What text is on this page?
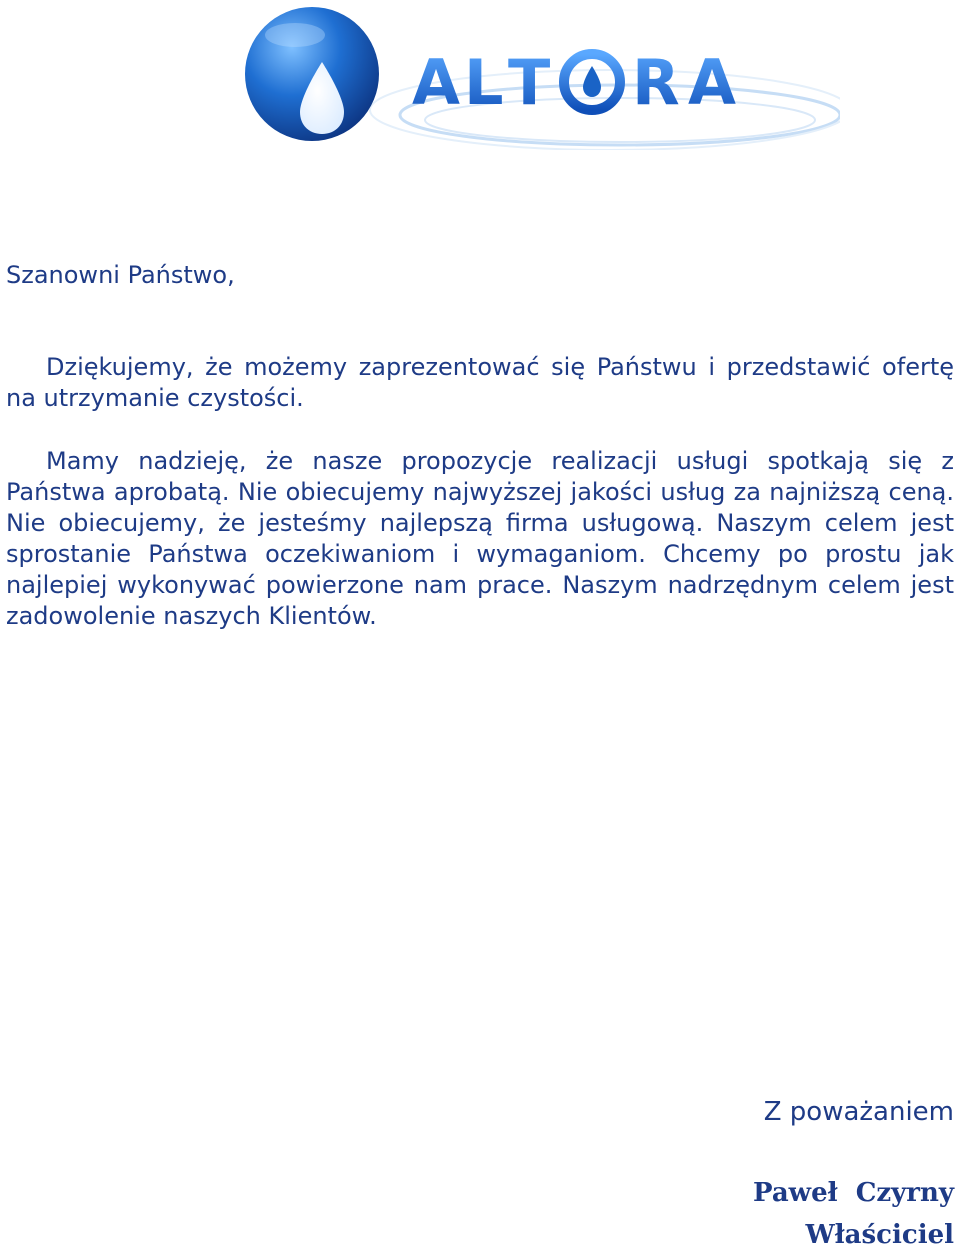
A L T R A
Szanowni Państwo,

Dziękujemy, że możemy zaprezentować się Państwu i przedstawić ofertę na utrzymanie czystości.

Mamy nadzieję, że nasze propozycje realizacji usługi spotkają się z Państwa aprobatą. Nie obiecujemy najwyższej jakości usług za najniższą ceną. Nie obiecujemy, że jesteśmy najlepszą firma usługową. Naszym celem jest sprostanie Państwa oczekiwaniom i wymaganiom. Chcemy po prostu jak najlepiej wykonywać powierzone nam prace. Naszym nadrzędnym celem jest zadowolenie naszych Klientów.

Z poważaniem
Paweł  Czyrny
Właściciel
